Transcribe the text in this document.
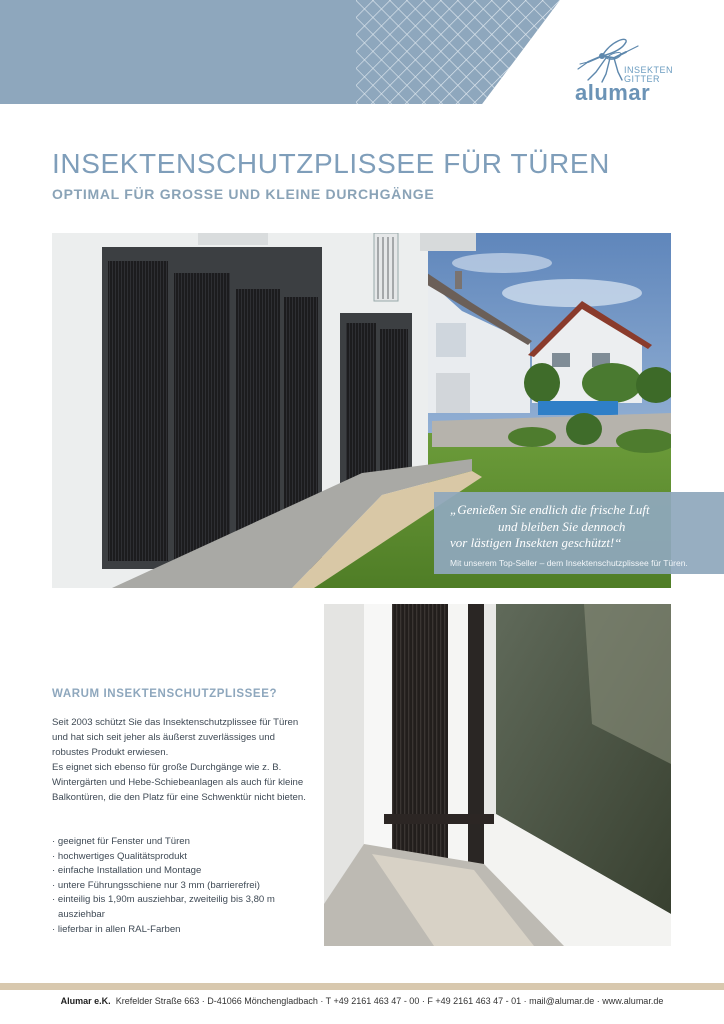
INSEKTEN
GITTER
alumar
INSEKTENSCHUTZPLISSEE FÜR TÜREN
OPTIMAL FÜR GROSSE UND KLEINE DURCHGÄNGE
„Genießen Sie endlich die frische Luft
und bleiben Sie dennoch
vor lästigen Insekten geschützt!“
Mit unserem Top-Seller – dem Insektenschutzplissee für Türen.
WARUM INSEKTENSCHUTZPLISSEE?

Seit 2003 schützt Sie das Insektenschutzplissee für Türen und hat sich seit jeher als äußerst zuverlässiges und robustes Produkt erwiesen.

Es eignet sich ebenso für große Durchgänge wie z. B. Wintergärten und Hebe-Schiebeanlagen als auch für kleine Balkontüren, die den Platz für eine Schwenktür nicht bieten.

· geeignet für Fenster und Türen
· hochwertiges Qualitätsprodukt
· einfache Installation und Montage
· untere Führungsschiene nur 3 mm (barrierefrei)
· einteilig bis 1,90m ausziehbar, zweiteilig bis 3,80 m
ausziehbar
· lieferbar in allen RAL-Farben
Alumar e.K. Krefelder Straße 663 · D-41066 Mönchengladbach · T +49 2161 463 47 - 00 · F +49 2161 463 47 - 01 · mail@alumar.de · www.alumar.de
